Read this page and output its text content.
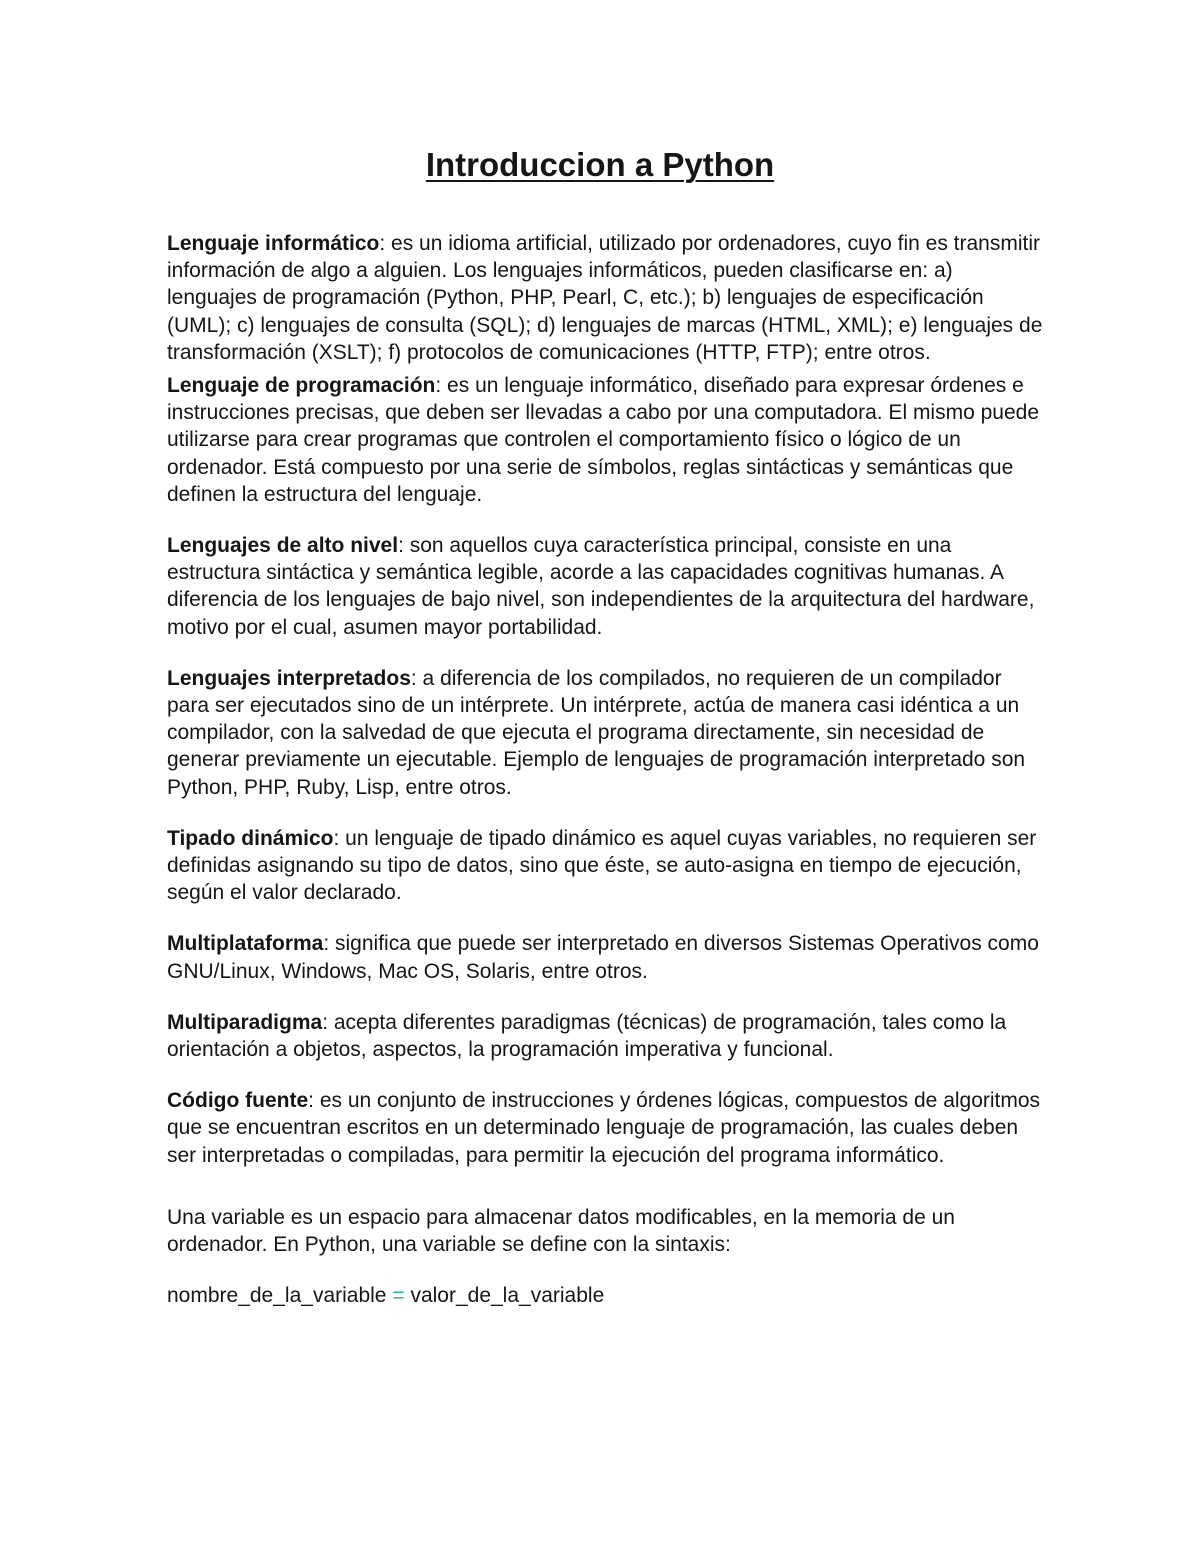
Introduccion a Python

Lenguaje informático: es un idioma artificial, utilizado por ordenadores, cuyo fin es transmitir información de algo a alguien. Los lenguajes informáticos, pueden clasificarse en: a) lenguajes de programación (Python, PHP, Pearl, C, etc.); b) lenguajes de especificación (UML); c) lenguajes de consulta (SQL); d) lenguajes de marcas (HTML, XML); e) lenguajes de transformación (XSLT); f) protocolos de comunicaciones (HTTP, FTP); entre otros.

Lenguaje de programación: es un lenguaje informático, diseñado para expresar órdenes e instrucciones precisas, que deben ser llevadas a cabo por una computadora. El mismo puede utilizarse para crear programas que controlen el comportamiento físico o lógico de un ordenador. Está compuesto por una serie de símbolos, reglas sintácticas y semánticas que definen la estructura del lenguaje.

Lenguajes de alto nivel: son aquellos cuya característica principal, consiste en una estructura sintáctica y semántica legible, acorde a las capacidades cognitivas humanas. A diferencia de los lenguajes de bajo nivel, son independientes de la arquitectura del hardware, motivo por el cual, asumen mayor portabilidad.

Lenguajes interpretados: a diferencia de los compilados, no requieren de un compilador para ser ejecutados sino de un intérprete. Un intérprete, actúa de manera casi idéntica a un compilador, con la salvedad de que ejecuta el programa directamente, sin necesidad de generar previamente un ejecutable. Ejemplo de lenguajes de programación interpretado son Python, PHP, Ruby, Lisp, entre otros.

Tipado dinámico: un lenguaje de tipado dinámico es aquel cuyas variables, no requieren ser definidas asignando su tipo de datos, sino que éste, se auto-asigna en tiempo de ejecución, según el valor declarado.

Multiplataforma: significa que puede ser interpretado en diversos Sistemas Operativos como GNU/Linux, Windows, Mac OS, Solaris, entre otros.

Multiparadigma: acepta diferentes paradigmas (técnicas) de programación, tales como la orientación a objetos, aspectos, la programación imperativa y funcional.

Código fuente: es un conjunto de instrucciones y órdenes lógicas, compuestos de algoritmos que se encuentran escritos en un determinado lenguaje de programación, las cuales deben ser interpretadas o compiladas, para permitir la ejecución del programa informático.

Una variable es un espacio para almacenar datos modificables, en la memoria de un ordenador. En Python, una variable se define con la sintaxis:

nombre_de_la_variable = valor_de_la_variable
